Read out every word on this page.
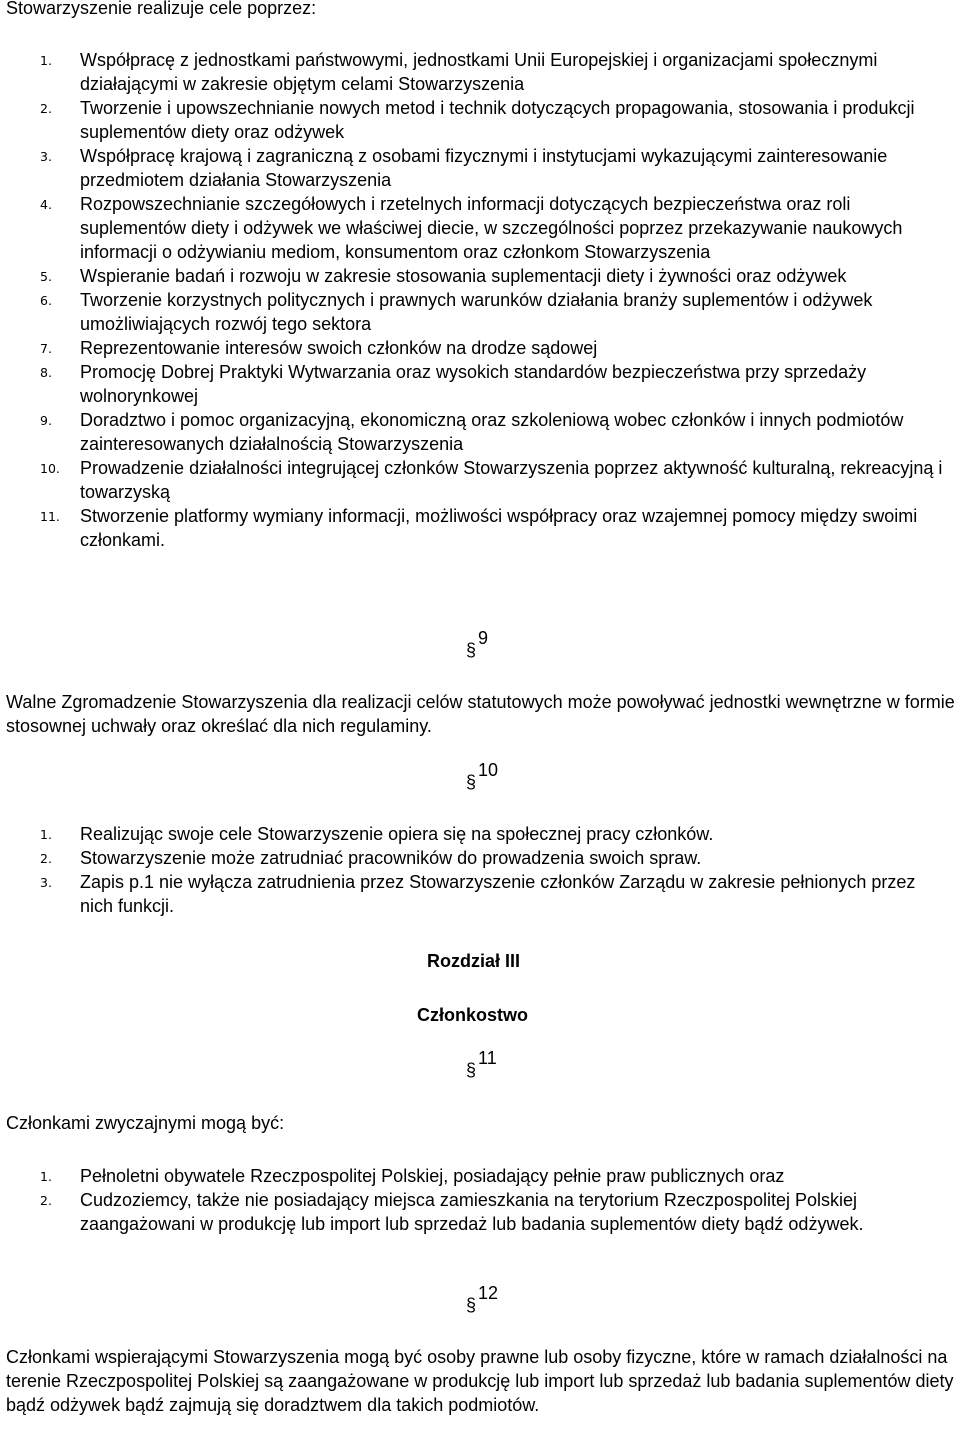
Stowarzyszenie realizuje cele poprzez:
1.	Współpracę z jednostkami państwowymi, jednostkami Unii Europejskiej i organizacjami społecznymi działającymi w zakresie objętym celami Stowarzyszenia
2.	Tworzenie i upowszechnianie nowych metod i technik dotyczących propagowania, stosowania i produkcji suplementów diety oraz odżywek
3.	Współpracę krajową i zagraniczną z osobami fizycznymi i instytucjami wykazującymi zainteresowanie przedmiotem działania Stowarzyszenia
4.	Rozpowszechnianie szczegółowych i rzetelnych informacji dotyczących bezpieczeństwa oraz roli suplementów diety i odżywek we właściwej diecie, w szczególności poprzez przekazywanie naukowych informacji o odżywianiu mediom, konsumentom oraz członkom Stowarzyszenia
5.	Wspieranie badań i rozwoju w zakresie stosowania suplementacji diety i żywności oraz odżywek
6.	Tworzenie korzystnych politycznych i prawnych warunków działania branży suplementów i odżywek umożliwiających rozwój tego sektora
7.	Reprezentowanie interesów swoich członków na drodze sądowej
8.	Promocję Dobrej Praktyki Wytwarzania oraz wysokich standardów bezpieczeństwa przy sprzedaży wolnorynkowej
9.	Doradztwo i pomoc organizacyjną, ekonomiczną oraz szkoleniową wobec członków i innych podmiotów zainteresowanych działalnością Stowarzyszenia
10.	Prowadzenie działalności integrującej członków Stowarzyszenia poprzez aktywność kulturalną, rekreacyjną i towarzyską
11.	Stworzenie platformy wymiany informacji, możliwości współpracy oraz wzajemnej pomocy między swoimi członkami.
§9
Walne Zgromadzenie Stowarzyszenia dla realizacji celów statutowych może powoływać jednostki wewnętrzne w formie stosownej uchwały oraz określać dla nich regulaminy.
§10
1.	Realizując swoje cele Stowarzyszenie opiera się na społecznej pracy członków.
2.	Stowarzyszenie może zatrudniać pracowników do prowadzenia swoich spraw.
3.	Zapis p.1 nie wyłącza zatrudnienia przez Stowarzyszenie członków Zarządu w zakresie pełnionych przez nich funkcji.
Rozdział III
Członkostwo
§11
Członkami zwyczajnymi mogą być:
1.	Pełnoletni obywatele Rzeczpospolitej Polskiej, posiadający pełnie praw publicznych oraz
2.	Cudzoziemcy, także nie posiadający miejsca zamieszkania na terytorium Rzeczpospolitej Polskiej zaangażowani w produkcję lub import lub sprzedaż lub badania suplementów diety bądź odżywek.
§12
Członkami wspierającymi Stowarzyszenia mogą być osoby prawne lub osoby fizyczne, które w ramach działalności na terenie Rzeczpospolitej Polskiej są zaangażowane w produkcję lub import lub sprzedaż lub badania suplementów diety bądź odżywek bądź zajmują się doradztwem dla takich podmiotów.
